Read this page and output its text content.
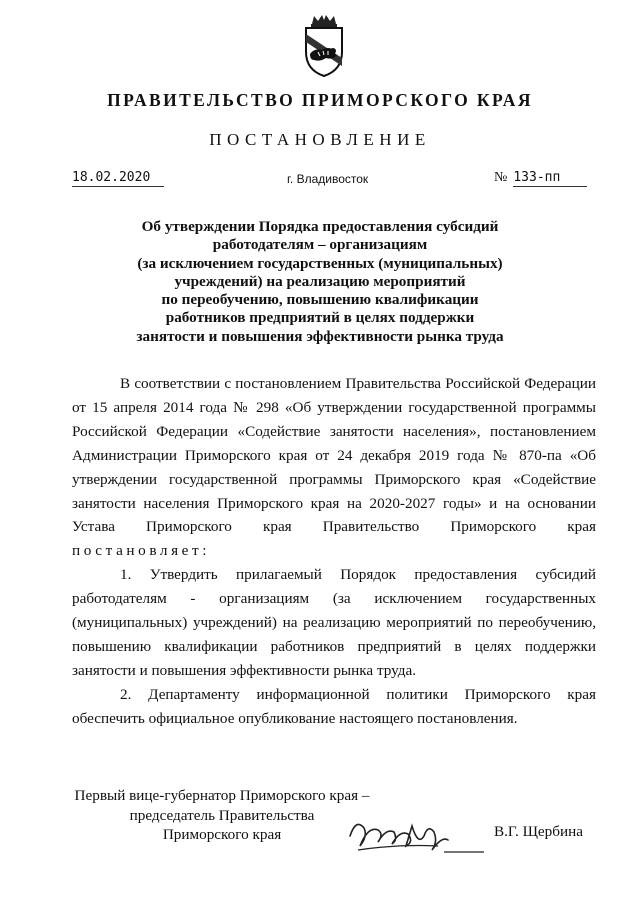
ПРАВИТЕЛЬСТВО ПРИМОРСКОГО КРАЯ
ПОСТАНОВЛЕНИЕ
18.02.2020	г. Владивосток	№ 133-пп
Об утверждении Порядка предоставления субсидий
работодателям – организациям
(за исключением государственных (муниципальных)
учреждений) на реализацию мероприятий
по переобучению, повышению квалификации
работников предприятий в целях поддержки
занятости и повышения эффективности рынка труда

В соответствии с постановлением Правительства Российской Федерации от 15 апреля 2014 года № 298 «Об утверждении государственной программы Российской Федерации «Содействие занятости населения», постановлением Администрации Приморского края от 24 декабря 2019 года № 870-па «Об утверждении государственной программы Приморского края «Содействие занятости населения Приморского края на 2020-2027 годы» и на основании Устава Приморского края Правительство Приморского края постановляет:

1. Утвердить прилагаемый Порядок предоставления субсидий работодателям - организациям (за исключением государственных (муниципальных) учреждений) на реализацию мероприятий по переобучению, повышению квалификации работников предприятий в целях поддержки занятости и повышения эффективности рынка труда.

2. Департаменту информационной политики Приморского края обеспечить официальное опубликование настоящего постановления.

Первый вице-губернатор Приморского края –
председатель Правительства
Приморского края	В.Г. Щербина
